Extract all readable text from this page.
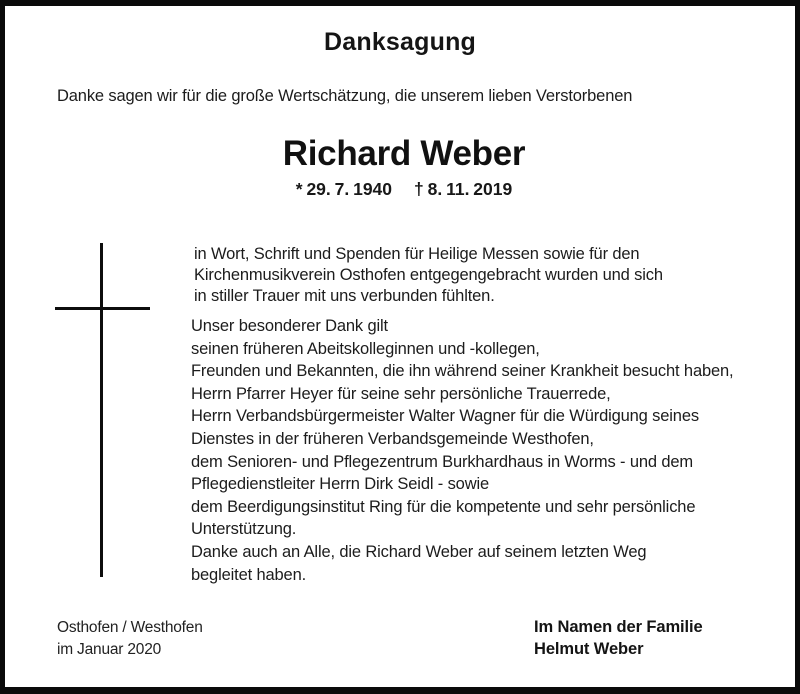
Danksagung
Danke sagen wir für die große Wertschätzung, die unserem lieben Verstorbenen
Richard Weber
* 29. 7. 1940 † 8. 11. 2019
in Wort, Schrift und Spenden für Heilige Messen sowie für den
Kirchenmusikverein Osthofen entgegengebracht wurden und sich
in stiller Trauer mit uns verbunden fühlten.
Unser besonderer Dank gilt
seinen früheren Abeitskolleginnen und -kollegen,
Freunden und Bekannten, die ihn während seiner Krankheit besucht haben,
Herrn Pfarrer Heyer für seine sehr persönliche Trauerrede,
Herrn Verbandsbürgermeister Walter Wagner für die Würdigung seines
Dienstes in der früheren Verbandsgemeinde Westhofen,
dem Senioren- und Pflegezentrum Burkhardhaus in Worms - und dem
Pflegedienstleiter Herrn Dirk Seidl - sowie
dem Beerdigungsinstitut Ring für die kompetente und sehr persönliche
Unterstützung.
Danke auch an Alle, die Richard Weber auf seinem letzten Weg
begleitet haben.
Osthofen / Westhofen
im Januar 2020
Im Namen der Familie
Helmut Weber
